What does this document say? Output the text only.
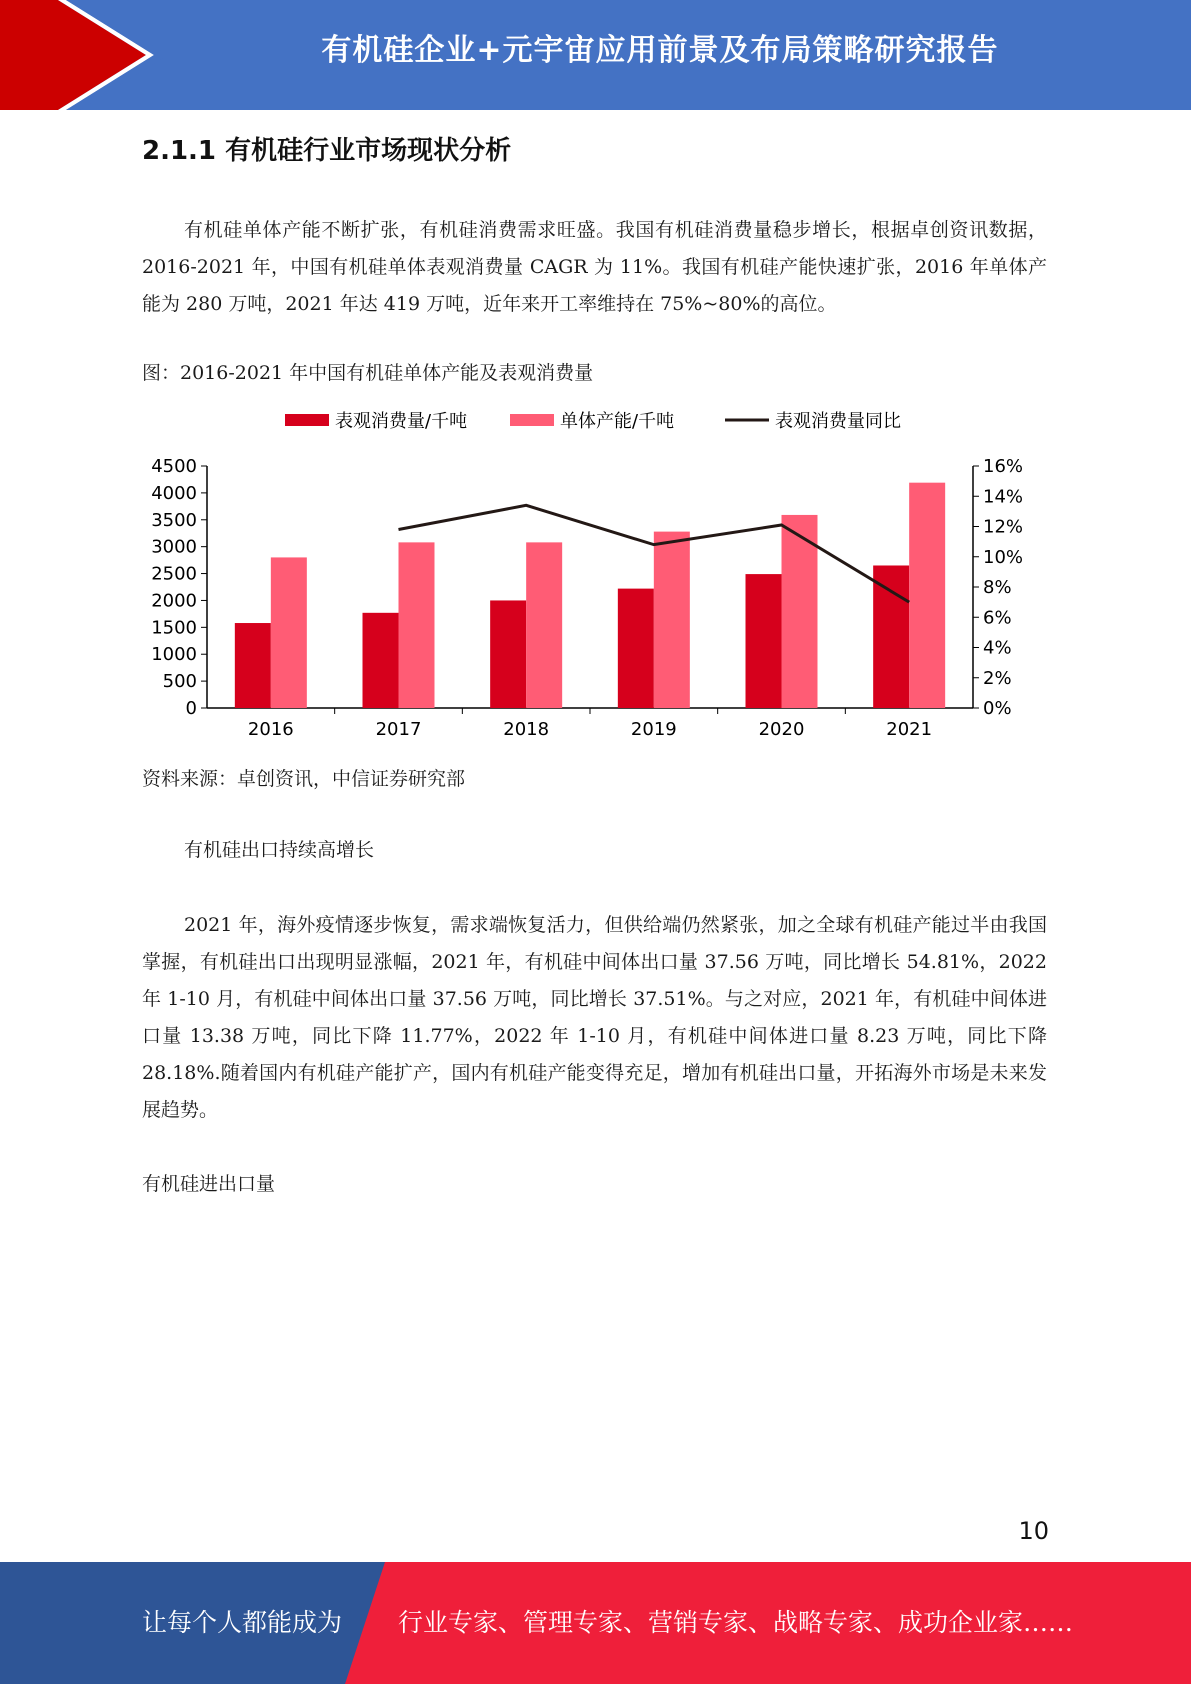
有机硅企业+元宇宙应用前景及布局策略研究报告
2.1.1 有机硅行业市场现状分析
有机硅单体产能不断扩张，有机硅消费需求旺盛。我国有机硅消费量稳步增长，根据卓创资讯数据，2016-2021 年，中国有机硅单体表观消费量 CAGR 为 11%。我国有机硅产能快速扩张，2016 年单体产能为 280 万吨，2021 年达 419 万吨，近年来开工率维持在 75%~80%的高位。
图：2016-2021 年中国有机硅单体产能及表观消费量
表观消费量/千吨	单体产能/千吨	表观消费量同比
0
500
1000
1500
2000
2500
3000
3500
4000
4500
0%
2%
4%
6%
8%
10%
12%
14%
16%
2016	2017	2018	2019	2020	2021
资料来源：卓创资讯，中信证券研究部
有机硅出口持续高增长
2021 年，海外疫情逐步恢复，需求端恢复活力，但供给端仍然紧张，加之全球有机硅产能过半由我国掌握，有机硅出口出现明显涨幅，2021 年，有机硅中间体出口量 37.56 万吨，同比增长 54.81%，2022 年 1-10 月，有机硅中间体出口量 37.56 万吨，同比增长 37.51%。与之对应，2021 年，有机硅中间体进口量 13.38 万吨，同比下降 11.77%，2022 年 1-10 月，有机硅中间体进口量 8.23 万吨，同比下降 28.18%.随着国内有机硅产能扩产，国内有机硅产能变得充足，增加有机硅出口量，开拓海外市场是未来发展趋势。
有机硅进出口量
10
让每个人都能成为 行业专家、管理专家、营销专家、战略专家、成功企业家……
